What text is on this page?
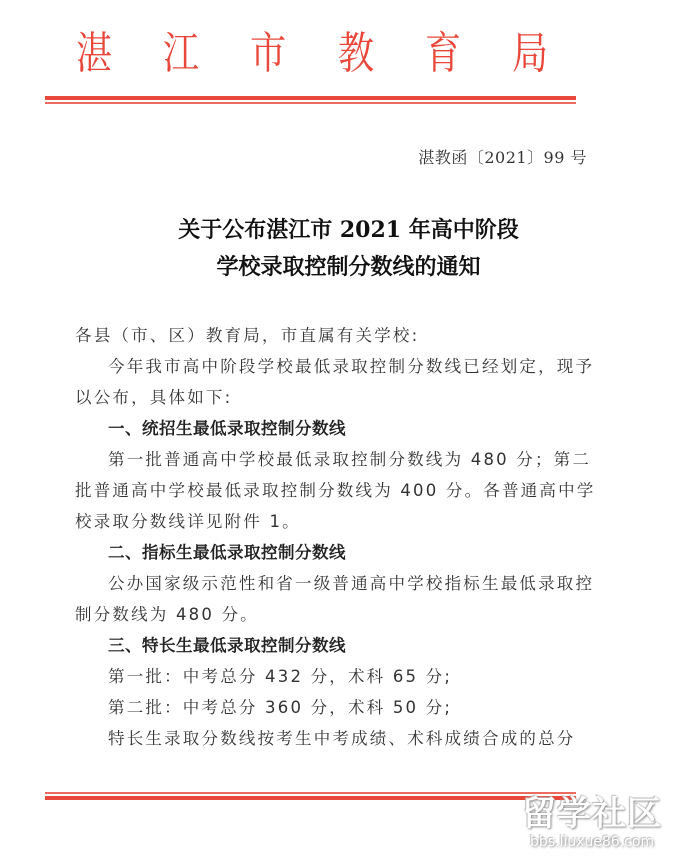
湛 江 市 教 育 局
湛教函〔2021〕99 号
关于公布湛江市 2021 年高中阶段
学校录取控制分数线的通知

各县（市、区）教育局，市直属有关学校:

今年我市高中阶段学校最低录取控制分数线已经划定，现予以公布，具体如下:

一、统招生最低录取控制分数线

第一批普通高中学校最低录取控制分数线为 480 分；第二批普通高中学校最低录取控制分数线为 400 分。各普通高中学校录取分数线详见附件 1。

二、指标生最低录取控制分数线

公办国家级示范性和省一级普通高中学校指标生最低录取控制分数线为 480 分。

三、特长生最低录取控制分数线

第一批：中考总分 432 分，术科 65 分;

第二批：中考总分 360 分，术科 50 分;

特长生录取分数线按考生中考成绩、术科成绩合成的总分

留学社区
bbs.liuxue86.com
